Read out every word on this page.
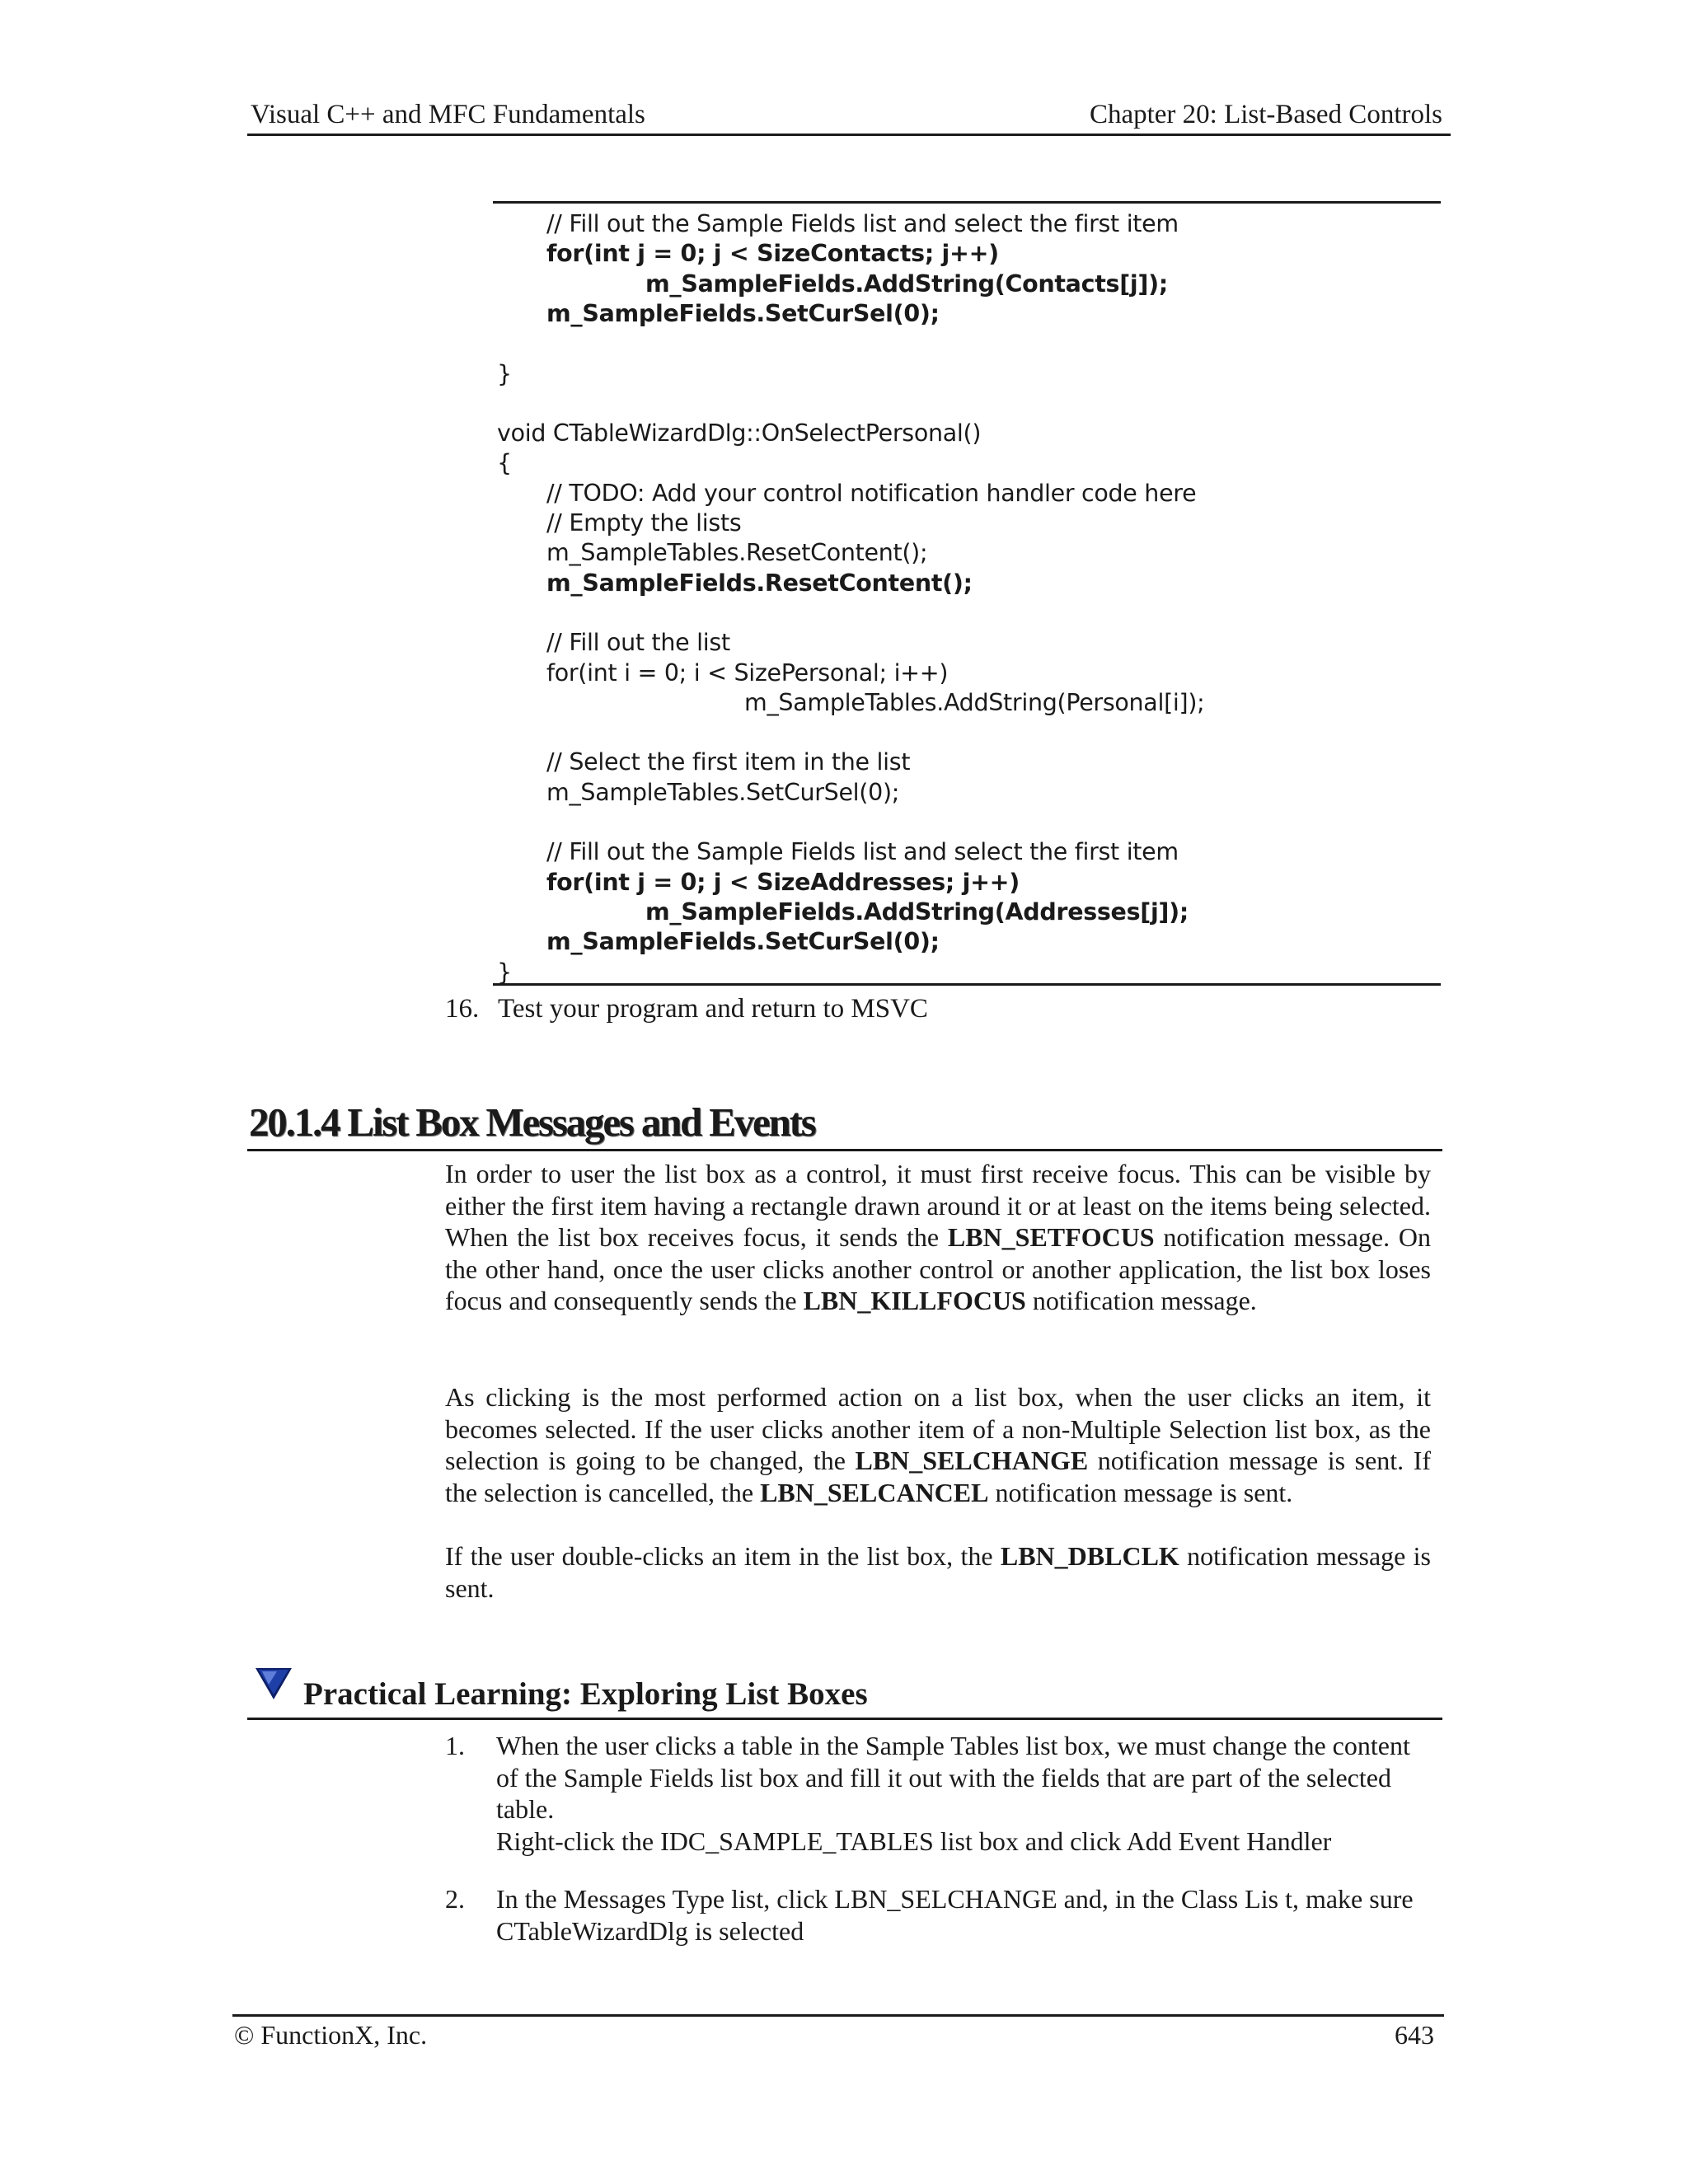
Visual C++ and MFC Fundamentals	Chapter 20: List-Based Controls
// Fill out the Sample Fields list and select the first item
for(int j = 0; j < SizeContacts; j++)
m_SampleFields.AddString(Contacts[j]);
m_SampleFields.SetCurSel(0);
}
void CTableWizardDlg::OnSelectPersonal()
{
// TODO: Add your control notification handler code here
// Empty the lists
m_SampleTables.ResetContent();
m_SampleFields.ResetContent();
// Fill out the list
for(int i = 0; i < SizePersonal; i++)
m_SampleTables.AddString(Personal[i]);
// Select the first item in the list
m_SampleTables.SetCurSel(0);
// Fill out the Sample Fields list and select the first item
for(int j = 0; j < SizeAddresses; j++)
m_SampleFields.AddString(Addresses[j]);
m_SampleFields.SetCurSel(0);
}
16. Test your program and return to MSVC
20.1.4 List Box Messages and Events

In order to user the list box as a control, it must first receive focus. This can be visible by either the first item having a rectangle drawn around it or at least on the items being selected. When the list box receives focus, it sends the LBN_SETFOCUS notification message. On the other hand, once the user clicks another control or another application, the list box loses focus and consequently sends the LBN_KILLFOCUS notification message.

As clicking is the most performed action on a list box, when the user clicks an item, it becomes selected. If the user clicks another item of a non-Multiple Selection list box, as the selection is going to be changed, the LBN_SELCHANGE notification message is sent. If the selection is cancelled, the LBN_SELCANCEL notification message is sent.

If the user double-clicks an item in the list box, the LBN_DBLCLK notification message is sent.

Practical Learning: Exploring List Boxes
1. When the user clicks a table in the Sample Tables list box, we must change the content of the Sample Fields list box and fill it out with the fields that are part of the selected table.

Right-click the IDC_SAMPLE_TABLES list box and click Add Event Handler

2. In the Messages Type list, click LBN_SELCHANGE and, in the Class Lis t, make sure CTableWizardDlg is selected

© FunctionX, Inc.	643
